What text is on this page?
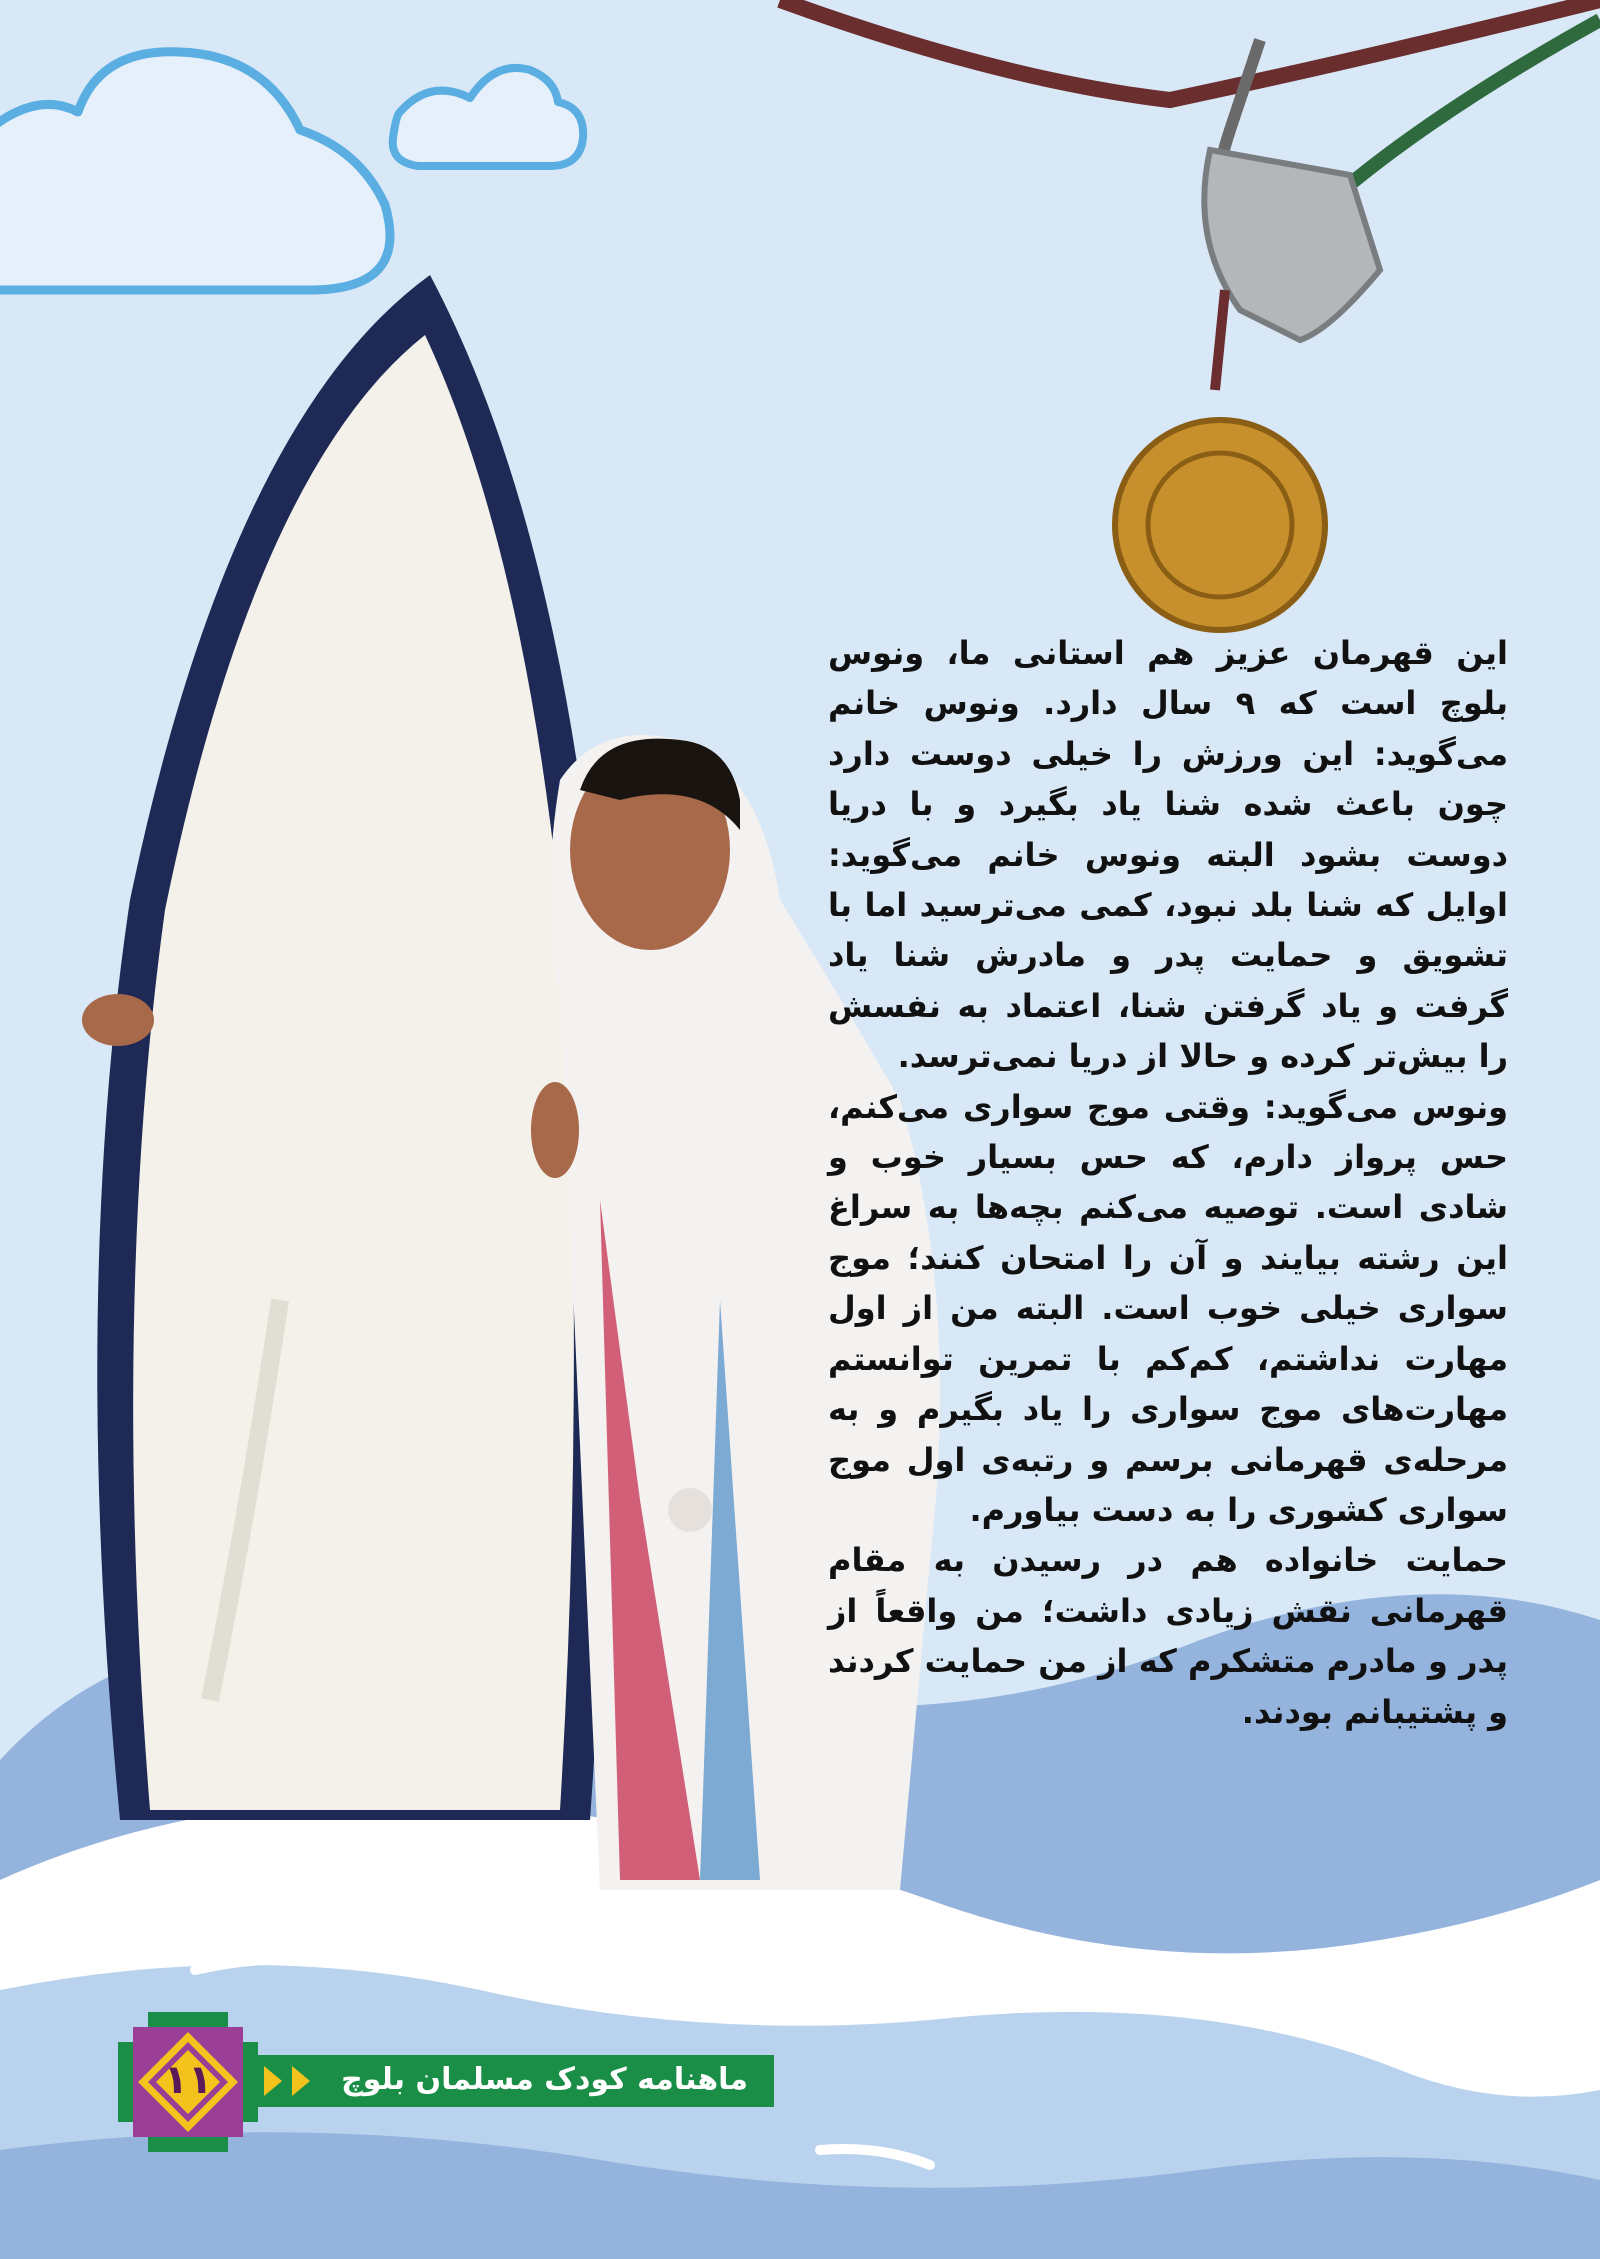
این قهرمان عزیز هم استانی ما، ونوس بلوچ است که ۹ سال دارد. ونوس خانم می‌گوید: این ورزش را خیلی دوست دارد چون باعث شده شنا یاد بگیرد و با دریا دوست بشود البته ونوس خانم می‌گوید: اوایل که شنا بلد نبود، کمی می‌ترسید اما با تشویق و حمایت پدر و مادرش شنا یاد گرفت و یاد گرفتن شنا، اعتماد به نفسش را بیش‌تر کرده و حالا از دریا نمی‌ترسد.

ونوس می‌گوید: وقتی موج سواری می‌کنم، حس پرواز دارم، که حس بسیار خوب و شادی است. توصیه می‌کنم بچه‌ها به سراغ این رشته بیایند و آن را امتحان کنند؛ موج سواری خیلی خوب است. البته من از اول مهارت نداشتم، کم‌کم با تمرین توانستم مهارت‌های موج سواری را یاد بگیرم و به مرحله‌ی قهرمانی برسم و رتبه‌ی اول موج سواری کشوری را به دست بیاورم.

حمایت خانواده هم در رسیدن به مقام قهرمانی نقش زیادی داشت؛ من واقعاً از پدر و مادرم متشکرم که از من حمایت کردند و پشتیبانم بودند.

ماهنامه کودک مسلمان بلوچ
۱۱
